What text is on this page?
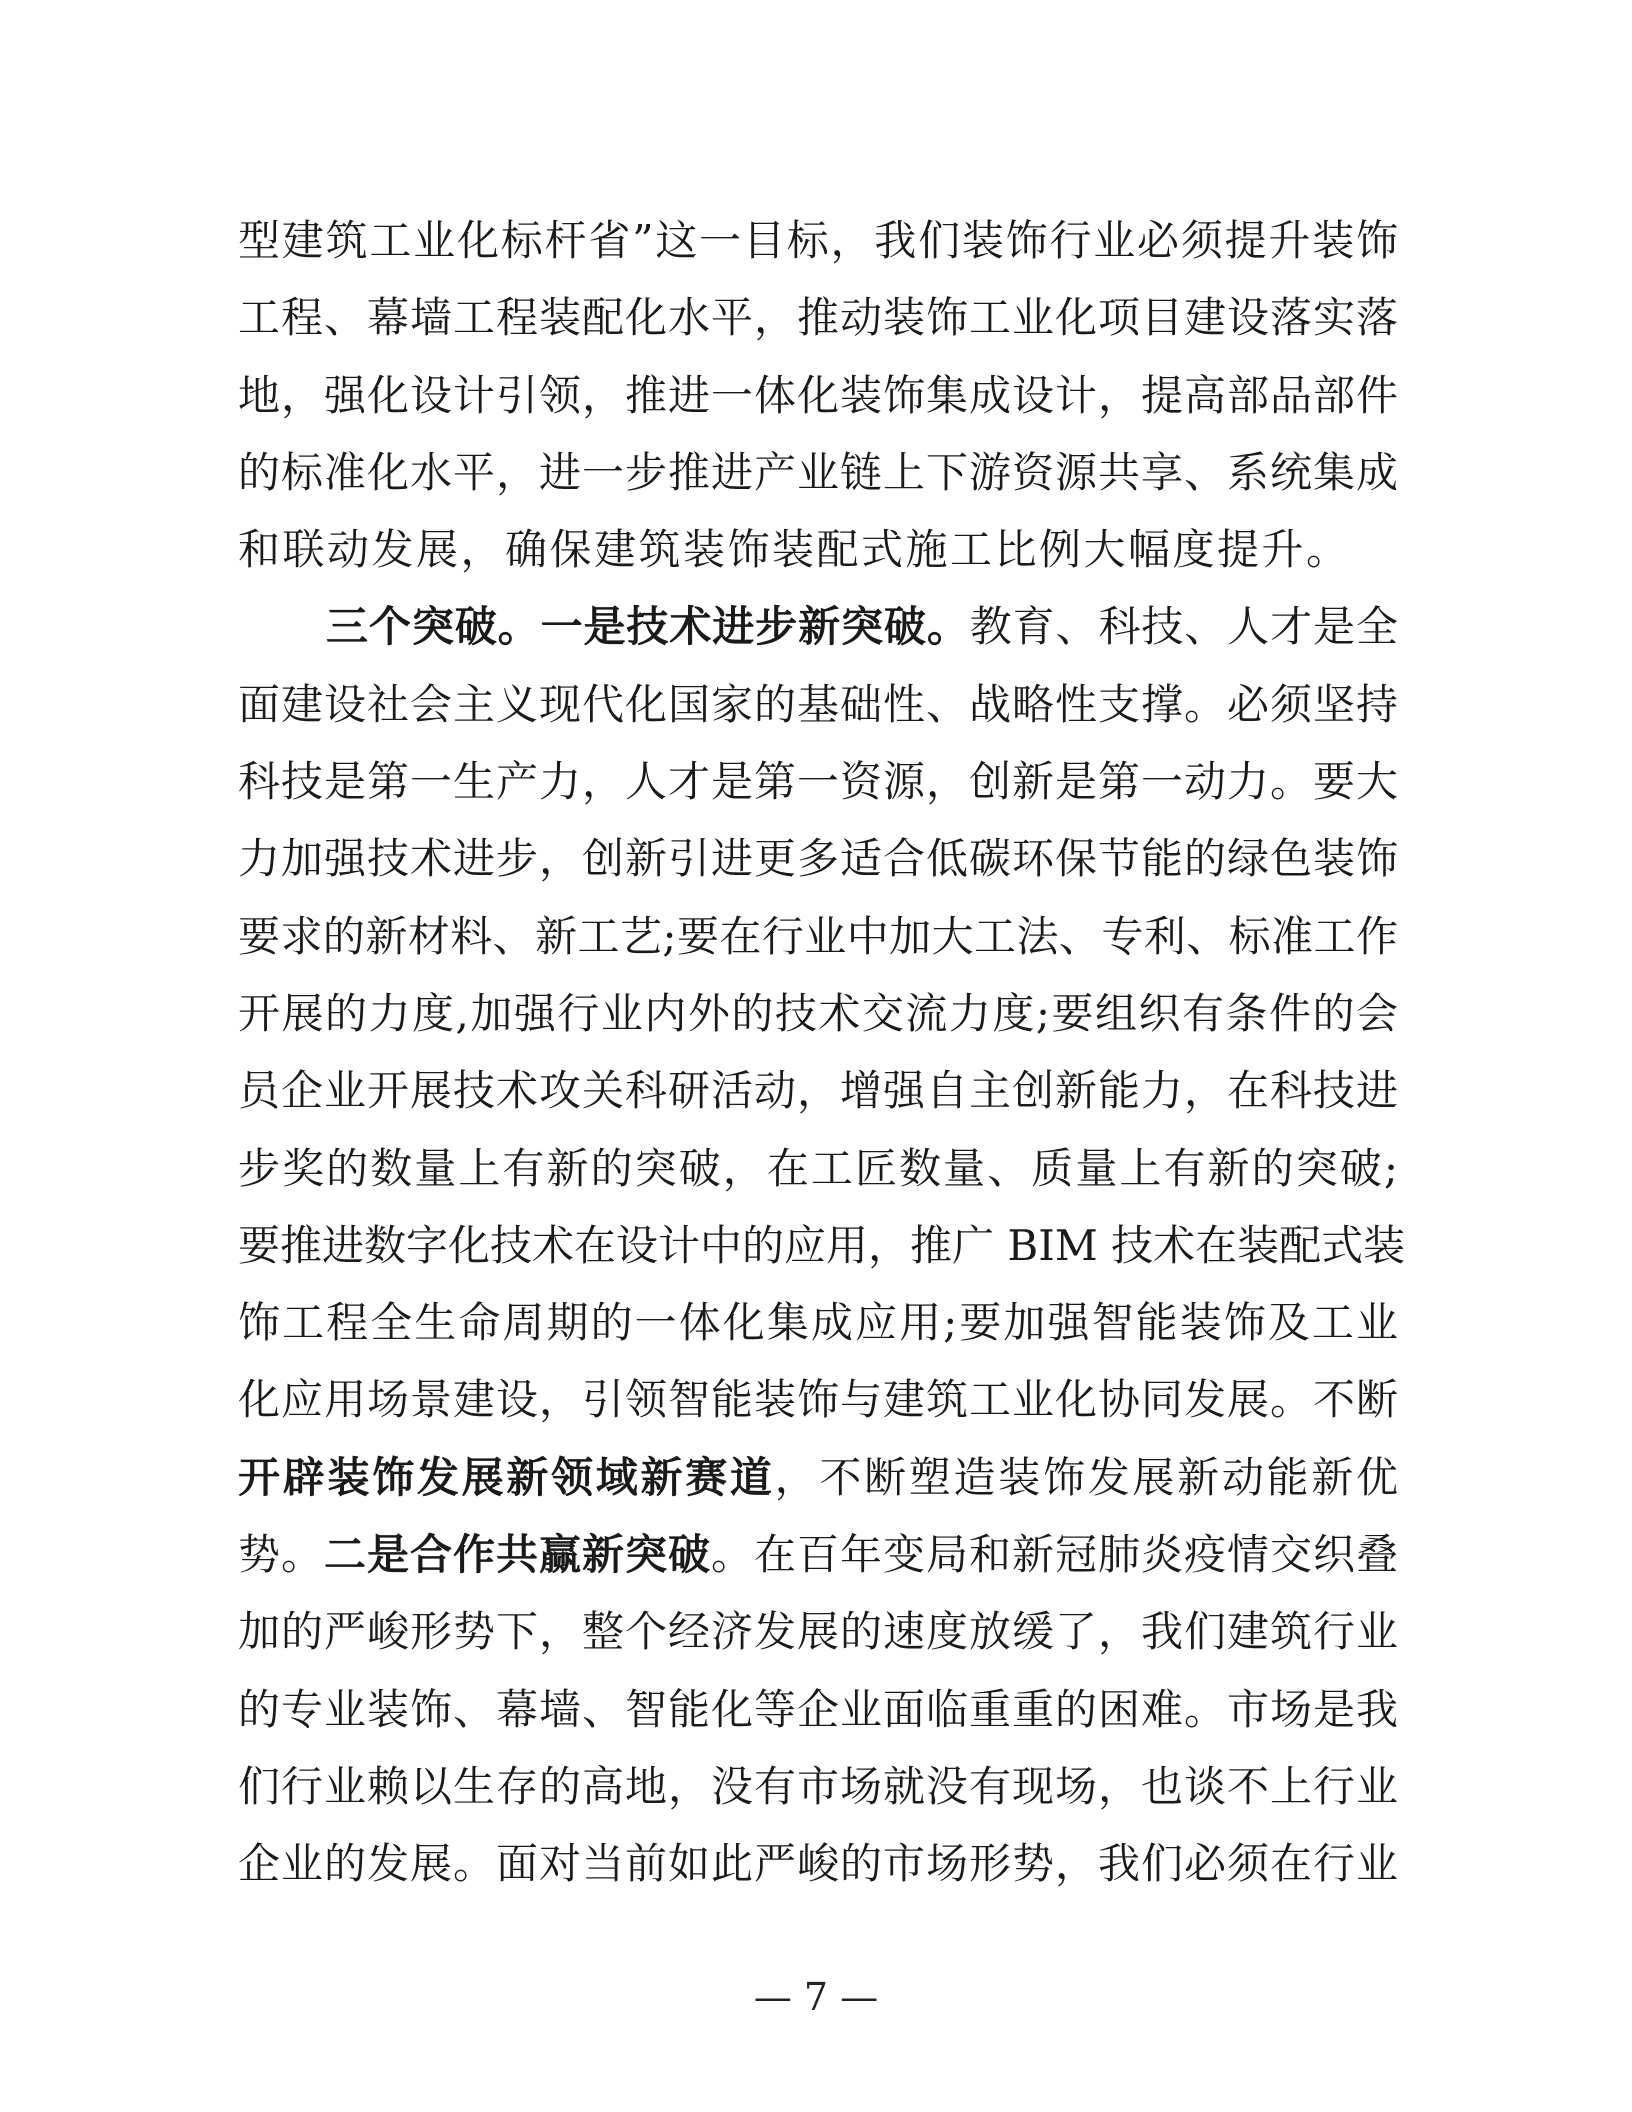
型建筑工业化标杆省”这一目标，我们装饰行业必须提升装饰
工程、幕墙工程装配化水平，推动装饰工业化项目建设落实落
地，强化设计引领，推进一体化装饰集成设计，提高部品部件
的标准化水平，进一步推进产业链上下游资源共享、系统集成
和联动发展，确保建筑装饰装配式施工比例大幅度提升。
三个突破。一是技术进步新突破。教育、科技、人才是全
面建设社会主义现代化国家的基础性、战略性支撑。必须坚持
科技是第一生产力，人才是第一资源，创新是第一动力。要大
力加强技术进步，创新引进更多适合低碳环保节能的绿色装饰
要求的新材料、新工艺;要在行业中加大工法、专利、标准工作
开展的力度,加强行业内外的技术交流力度;要组织有条件的会
员企业开展技术攻关科研活动，增强自主创新能力，在科技进
步奖的数量上有新的突破，在工匠数量、质量上有新的突破;
要推进数字化技术在设计中的应用，推广 BIM 技术在装配式装
饰工程全生命周期的一体化集成应用;要加强智能装饰及工业
化应用场景建设，引领智能装饰与建筑工业化协同发展。不断
开辟装饰发展新领域新赛道，不断塑造装饰发展新动能新优
势。二是合作共赢新突破。在百年变局和新冠肺炎疫情交织叠
加的严峻形势下，整个经济发展的速度放缓了，我们建筑行业
的专业装饰、幕墙、智能化等企业面临重重的困难。市场是我
们行业赖以生存的高地，没有市场就没有现场，也谈不上行业
企业的发展。面对当前如此严峻的市场形势，我们必须在行业
— 7 —
